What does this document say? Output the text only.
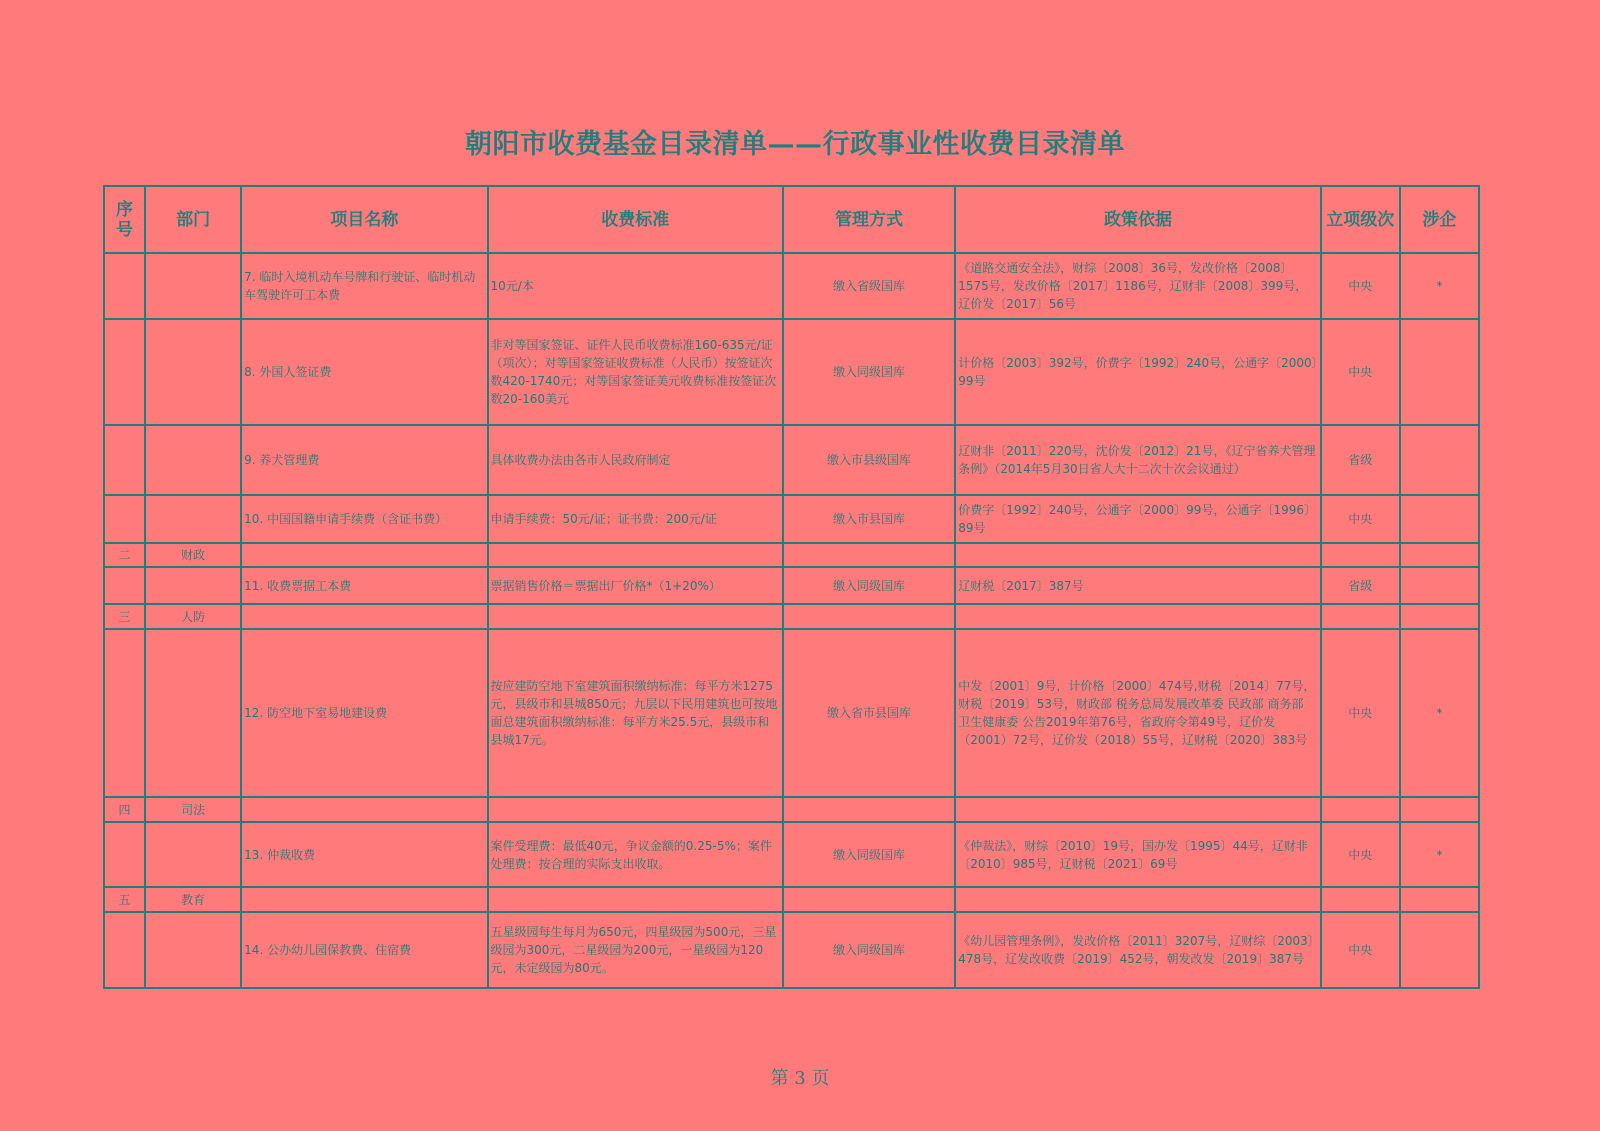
朝阳市收费基金目录清单——行政事业性收费目录清单
序号	部门	项目名称	收费标准	管理方式	政策依据	立项级次	涉企
		7. 临时入境机动车号牌和行驶证、临时机动车驾驶许可工本费	10元/本	缴入省级国库	《道路交通安全法》，财综〔2008〕36号，发改价格〔2008〕1575号，发改价格〔2017〕1186号，辽财非〔2008〕399号，辽价发〔2017〕56号	中央	*
		8. 外国人签证费	非对等国家签证、证件人民币收费标准160-635元/证（项次）；对等国家签证收费标准（人民币）按签证次数420-1740元；对等国家签证美元收费标准按签证次数20-160美元	缴入同级国库	计价格〔2003〕392号，价费字〔1992〕240号，公通字〔2000〕99号	中央	
		9. 养犬管理费	具体收费办法由各市人民政府制定	缴入市县级国库	辽财非〔2011〕220号，沈价发〔2012〕21号，《辽宁省养犬管理条例》（2014年5月30日省人大十二次十次会议通过）	省级	
		10. 中国国籍申请手续费（含证书费）	申请手续费：50元/证；证书费：200元/证	缴入市县国库	价费字〔1992〕240号，公通字〔2000〕99号，公通字〔1996〕89号	中央	
二	财政						
		11. 收费票据工本费	票据销售价格＝票据出厂价格*（1+20%）	缴入同级国库	辽财税〔2017〕387号	省级	
三	人防						
		12. 防空地下室易地建设费	按应建防空地下室建筑面积缴纳标准：每平方米1275元，县级市和县城850元；九层以下民用建筑也可按地面总建筑面积缴纳标准：每平方米25.5元，县级市和县城17元。	缴入省市县国库	中发〔2001〕9号，计价格〔2000〕474号,财税〔2014〕77号，财税〔2019〕53号，财政部 税务总局发展改革委 民政部 商务部 卫生健康委 公告2019年第76号，省政府令第49号，辽价发（2001）72号，辽价发（2018）55号，辽财税〔2020〕383号	中央	*
四	司法						
		13. 仲裁收费	案件受理费：最低40元，争议金额的0.25-5%；案件处理费：按合理的实际支出收取。	缴入同级国库	《仲裁法》，财综〔2010〕19号，国办发〔1995〕44号，辽财非〔2010〕985号，辽财税〔2021〕69号	中央	*
五	教育						
		14. 公办幼儿园保教费、住宿费	五星级园每生每月为650元，四星级园为500元，三星级园为300元，二星级园为200元，一星级园为120元，未定级园为80元。	缴入同级国库	《幼儿园管理条例》，发改价格〔2011〕3207号，辽财综〔2003〕478号，辽发改收费〔2019〕452号，朝发改发〔2019〕387号	中央	
第 3 页
